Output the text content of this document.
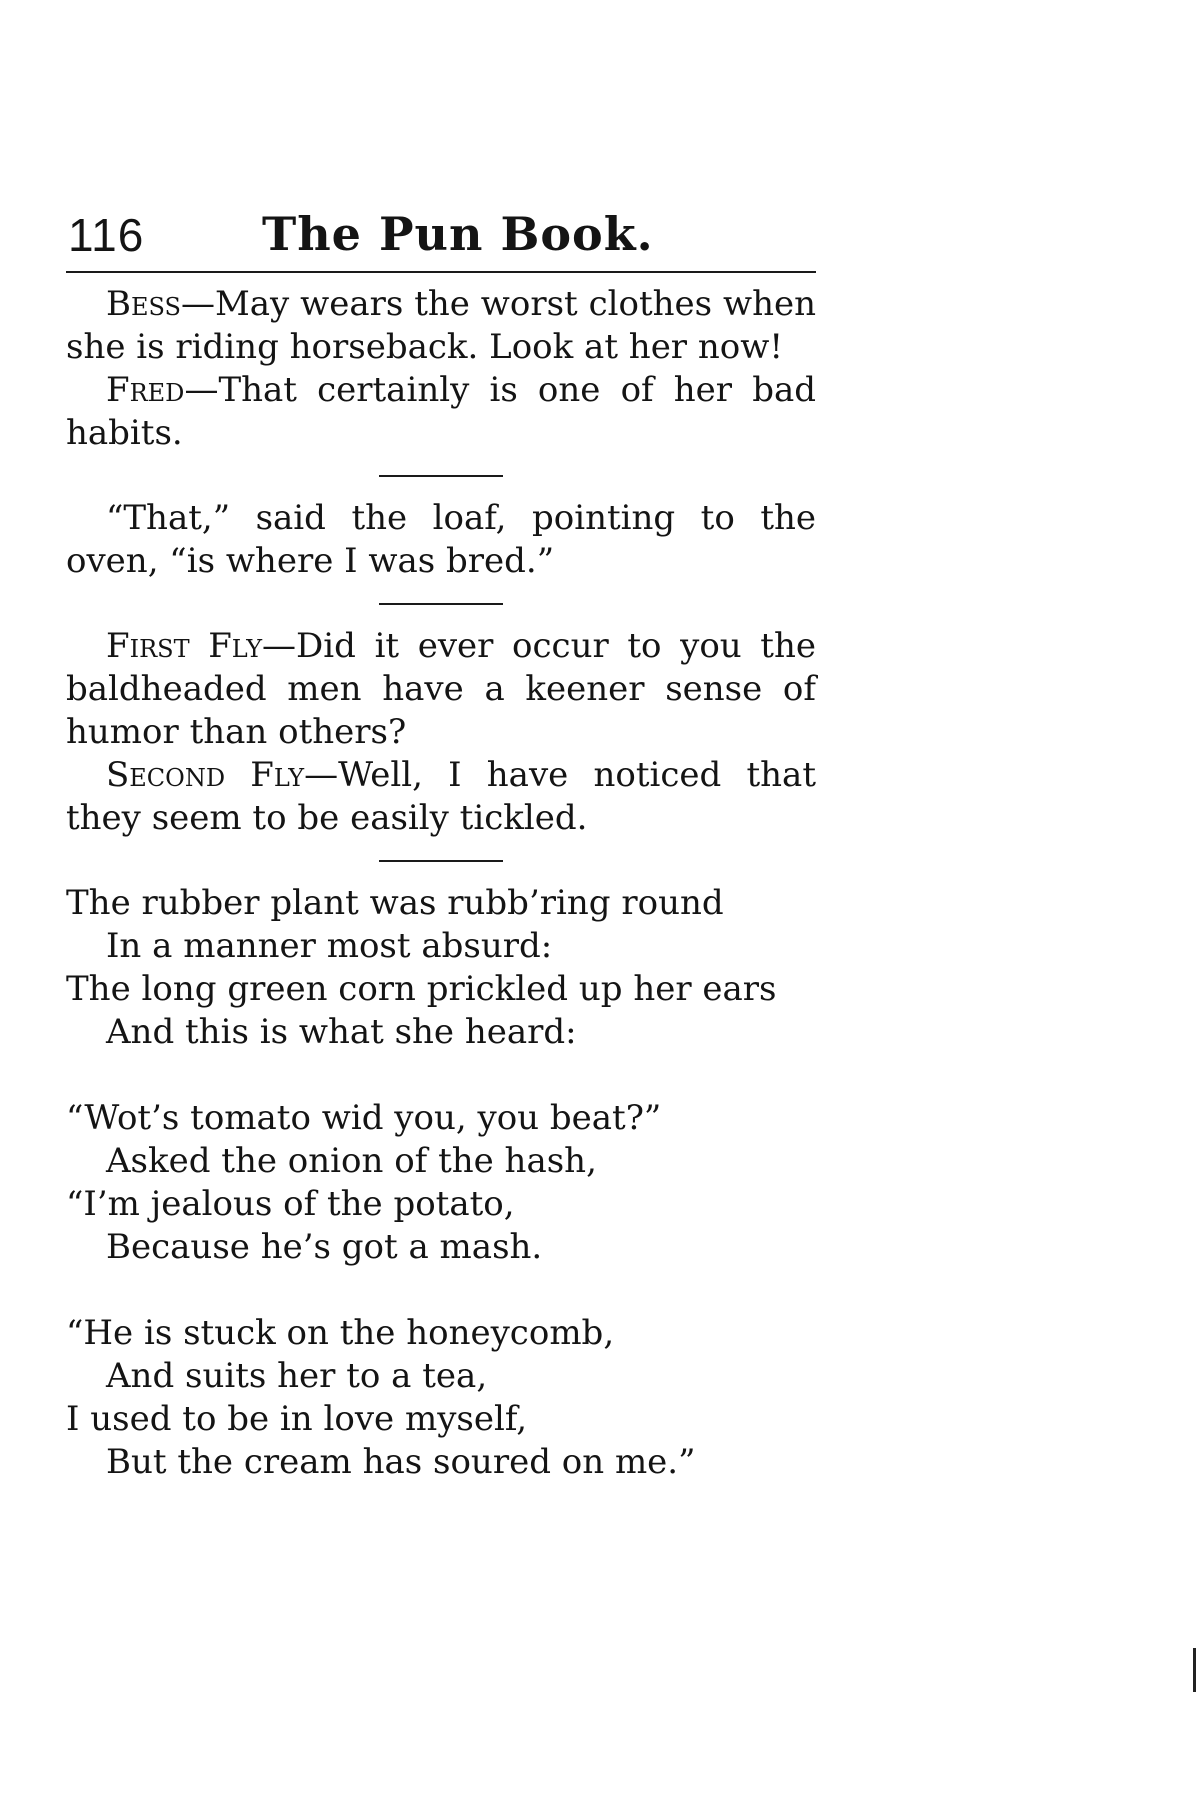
116	The Pun Book.
Bess—May wears the worst clothes when she is riding horseback. Look at her now!
Fred—That certainly is one of her bad habits.
“That,” said the loaf, pointing to the oven, “is where I was bred.”
First Fly—Did it ever occur to you the baldheaded men have a keener sense of humor than others?
Second Fly—Well, I have noticed that they seem to be easily tickled.
The rubber plant was rubb’ring round
In a manner most absurd:
The long green corn prickled up her ears
And this is what she heard:
“Wot’s tomato wid you, you beat?”
Asked the onion of the hash,
“I’m jealous of the potato,
Because he’s got a mash.
“He is stuck on the honeycomb,
And suits her to a tea,
I used to be in love myself,
But the cream has soured on me.”
